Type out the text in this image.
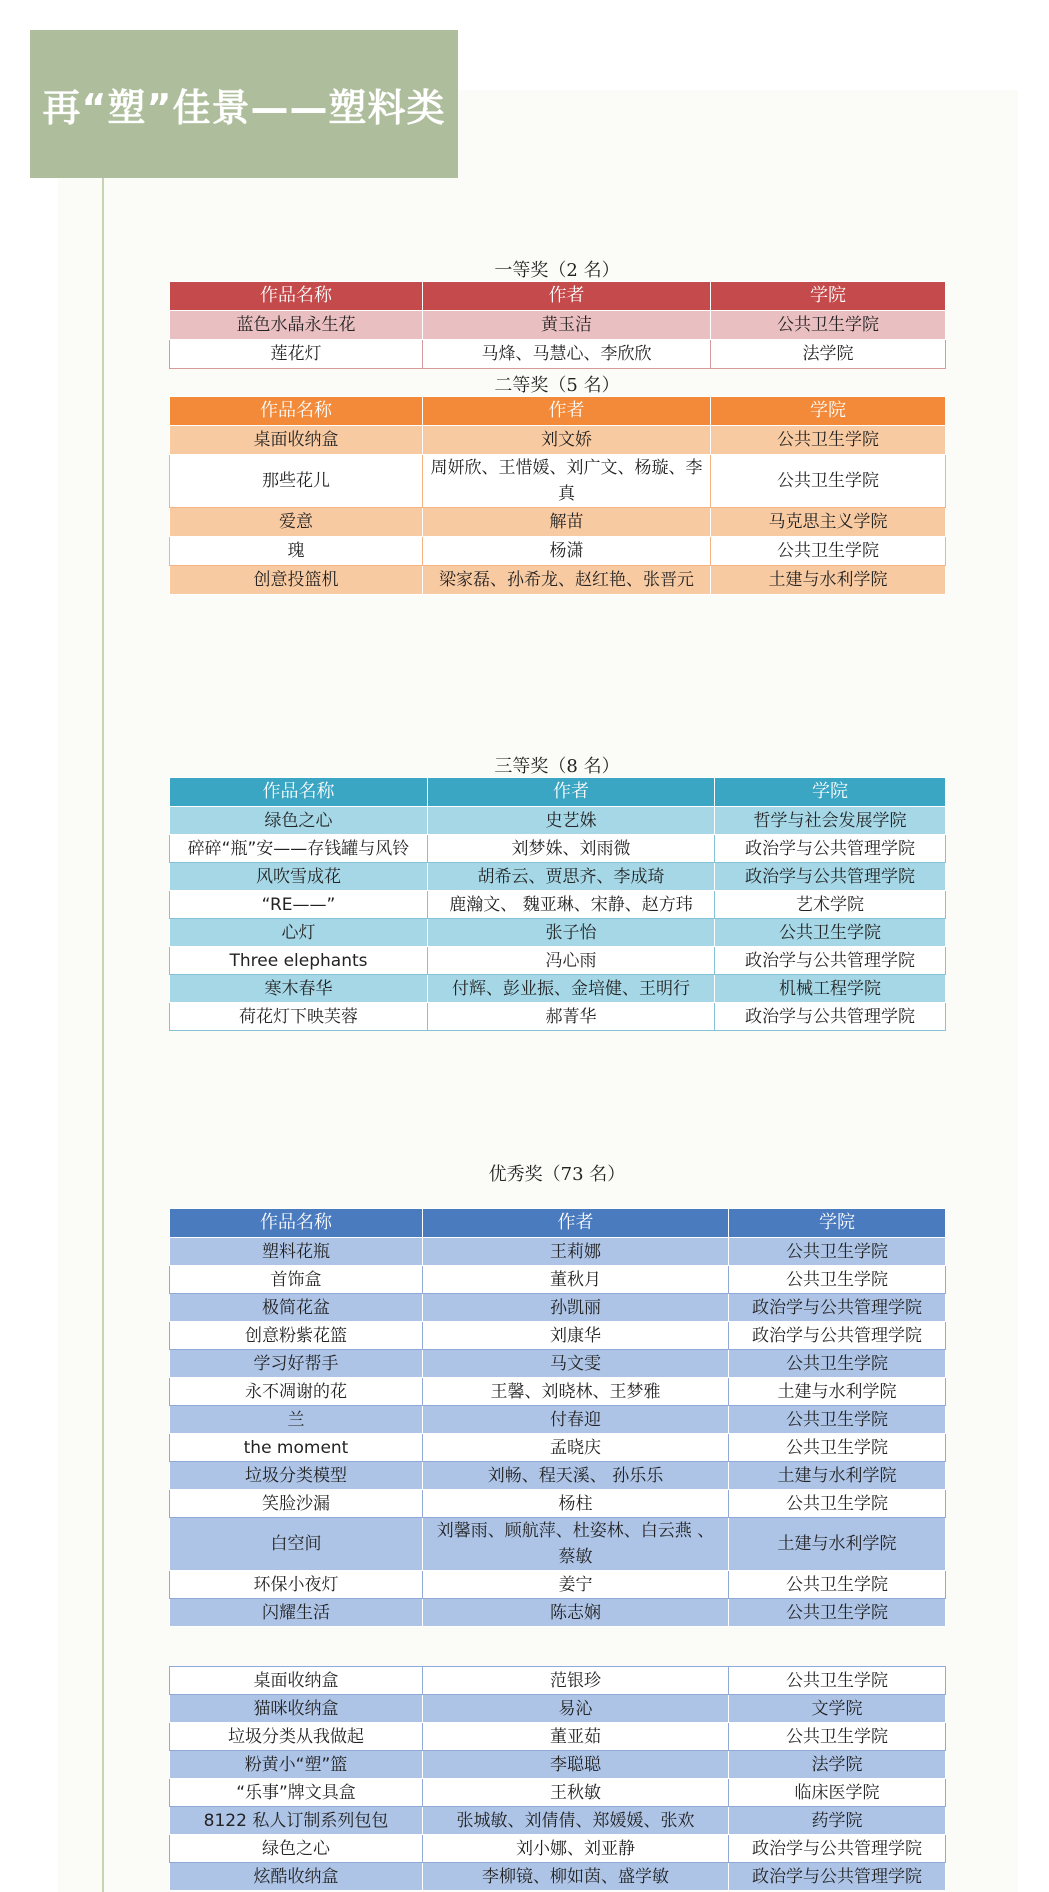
再“塑”佳景——塑料类
一等奖（2 名）
作品名称	作者	学院
蓝色水晶永生花	黄玉洁	公共卫生学院
莲花灯	马烽、马慧心、李欣欣	法学院
二等奖（5 名）
作品名称	作者	学院
桌面收纳盒	刘文娇	公共卫生学院
那些花儿	周妍欣、王惜媛、刘广文、杨璇、李真	公共卫生学院
爱意	解苗	马克思主义学院
瑰	杨潇	公共卫生学院
创意投篮机	梁家磊、孙希龙、赵红艳、张晋元	土建与水利学院
三等奖（8 名）
作品名称	作者	学院
绿色之心	史艺姝	哲学与社会发展学院
碎碎“瓶”安——存钱罐与风铃	刘梦姝、刘雨微	政治学与公共管理学院
风吹雪成花	胡希云、贾思齐、李成琦	政治学与公共管理学院
“RE——”	鹿瀚文、 魏亚琳、宋静、赵方玮	艺术学院
心灯	张子怡	公共卫生学院
Three elephants	冯心雨	政治学与公共管理学院
寒木春华	付辉、彭业振、金培健、王明行	机械工程学院
荷花灯下映芙蓉	郝菁华	政治学与公共管理学院
优秀奖（73 名）
作品名称	作者	学院
塑料花瓶	王莉娜	公共卫生学院
首饰盒	董秋月	公共卫生学院
极简花盆	孙凯丽	政治学与公共管理学院
创意粉紫花篮	刘康华	政治学与公共管理学院
学习好帮手	马文雯	公共卫生学院
永不凋谢的花	王馨、刘晓林、王梦雅	土建与水利学院
兰	付春迎	公共卫生学院
the moment	孟晓庆	公共卫生学院
垃圾分类模型	刘畅、程天溪、 孙乐乐	土建与水利学院
笑脸沙漏	杨柱	公共卫生学院
白空间	刘馨雨、顾航萍、杜姿林、白云燕 、蔡敏	土建与水利学院
环保小夜灯	姜宁	公共卫生学院
闪耀生活	陈志娴	公共卫生学院
桌面收纳盒	范银珍	公共卫生学院
猫咪收纳盒	易沁	文学院
垃圾分类从我做起	董亚茹	公共卫生学院
粉黄小“塑”篮	李聪聪	法学院
“乐事”牌文具盒	王秋敏	临床医学院
8122 私人订制系列包包	张城敏、刘倩倩、郑媛媛、张欢	药学院
绿色之心	刘小娜、刘亚静	政治学与公共管理学院
炫酷收纳盒	李柳镜、柳如茵、盛学敏	政治学与公共管理学院
